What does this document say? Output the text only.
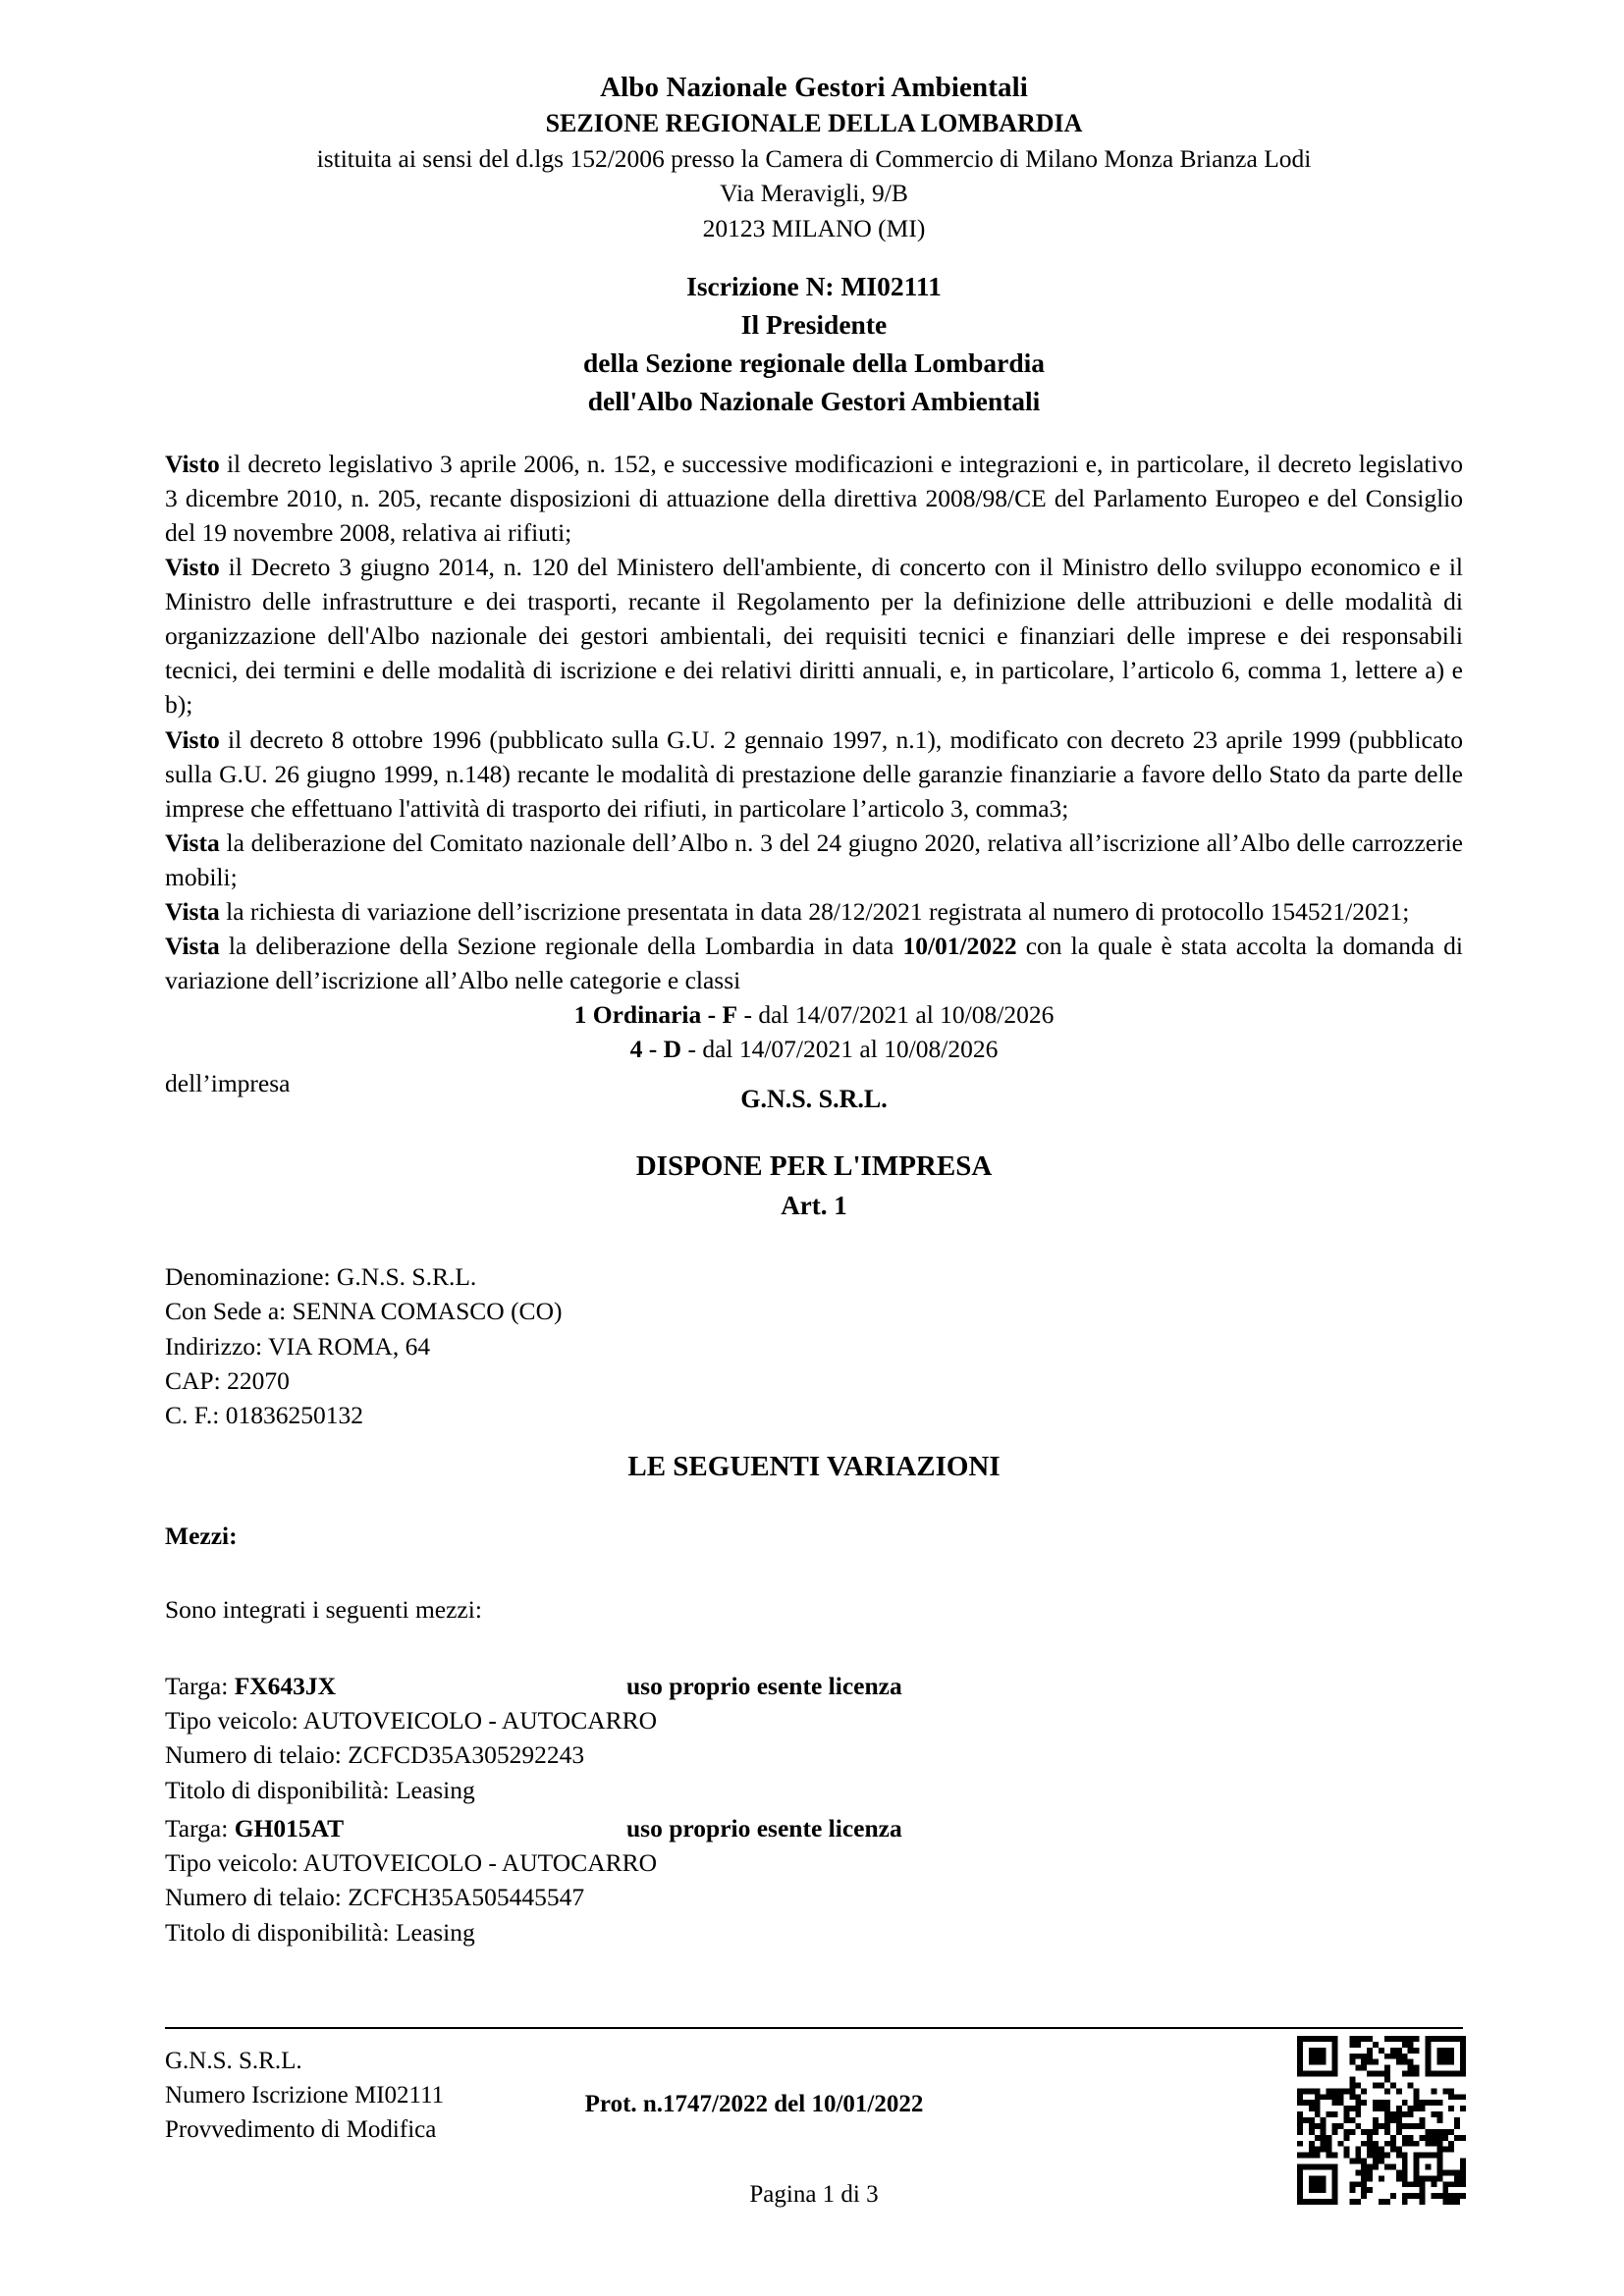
Albo Nazionale Gestori Ambientali
SEZIONE REGIONALE DELLA LOMBARDIA
istituita ai sensi del d.lgs 152/2006 presso la Camera di Commercio di Milano Monza Brianza Lodi
Via Meravigli, 9/B
20123 MILANO (MI)
Iscrizione N: MI02111
Il Presidente
della Sezione regionale della Lombardia
dell'Albo Nazionale Gestori Ambientali

Visto il decreto legislativo 3 aprile 2006, n. 152, e successive modificazioni e integrazioni e, in particolare, il decreto legislativo 3 dicembre 2010, n. 205, recante disposizioni di attuazione della direttiva 2008/98/CE del Parlamento Europeo e del Consiglio del 19 novembre 2008, relativa ai rifiuti;

Visto il Decreto 3 giugno 2014, n. 120 del Ministero dell'ambiente, di concerto con il Ministro dello sviluppo economico e il Ministro delle infrastrutture e dei trasporti, recante il Regolamento per la definizione delle attribuzioni e delle modalità di organizzazione dell'Albo nazionale dei gestori ambientali, dei requisiti tecnici e finanziari delle imprese e dei responsabili tecnici, dei termini e delle modalità di iscrizione e dei relativi diritti annuali, e, in particolare, l’articolo 6, comma 1, lettere a) e b);

Visto il decreto 8 ottobre 1996 (pubblicato sulla G.U. 2 gennaio 1997, n.1), modificato con decreto 23 aprile 1999 (pubblicato sulla G.U. 26 giugno 1999, n.148) recante le modalità di prestazione delle garanzie finanziarie a favore dello Stato da parte delle imprese che effettuano l'attività di trasporto dei rifiuti, in particolare l’articolo 3, comma3;

Vista la deliberazione del Comitato nazionale dell’Albo n. 3 del 24 giugno 2020, relativa all’iscrizione all’Albo delle carrozzerie mobili;

Vista la richiesta di variazione dell’iscrizione presentata in data 28/12/2021 registrata al numero di protocollo 154521/2021;

Vista la deliberazione della Sezione regionale della Lombardia in data 10/01/2022 con la quale è stata accolta la domanda di variazione dell’iscrizione all’Albo nelle categorie e classi

1 Ordinaria - F - dal 14/07/2021 al 10/08/2026

4 - D - dal 14/07/2021 al 10/08/2026

dell’impresa

G.N.S. S.R.L.
DISPONE PER L'IMPRESA
Art. 1
Denominazione: G.N.S. S.R.L.
Con Sede a: SENNA COMASCO (CO)
Indirizzo: VIA ROMA, 64
CAP: 22070
C. F.: 01836250132
LE SEGUENTI VARIAZIONI
Mezzi:
Sono integrati i seguenti mezzi:
Targa: FX643JX	uso proprio esente licenza
Tipo veicolo: AUTOVEICOLO - AUTOCARRO
Numero di telaio: ZCFCD35A305292243
Titolo di disponibilità: Leasing
Targa: GH015AT	uso proprio esente licenza
Tipo veicolo: AUTOVEICOLO - AUTOCARRO
Numero di telaio: ZCFCH35A505445547
Titolo di disponibilità: Leasing
G.N.S. S.R.L.
Numero Iscrizione MI02111
Provvedimento di Modifica
Prot. n.1747/2022 del 10/01/2022
Pagina 1 di 3
